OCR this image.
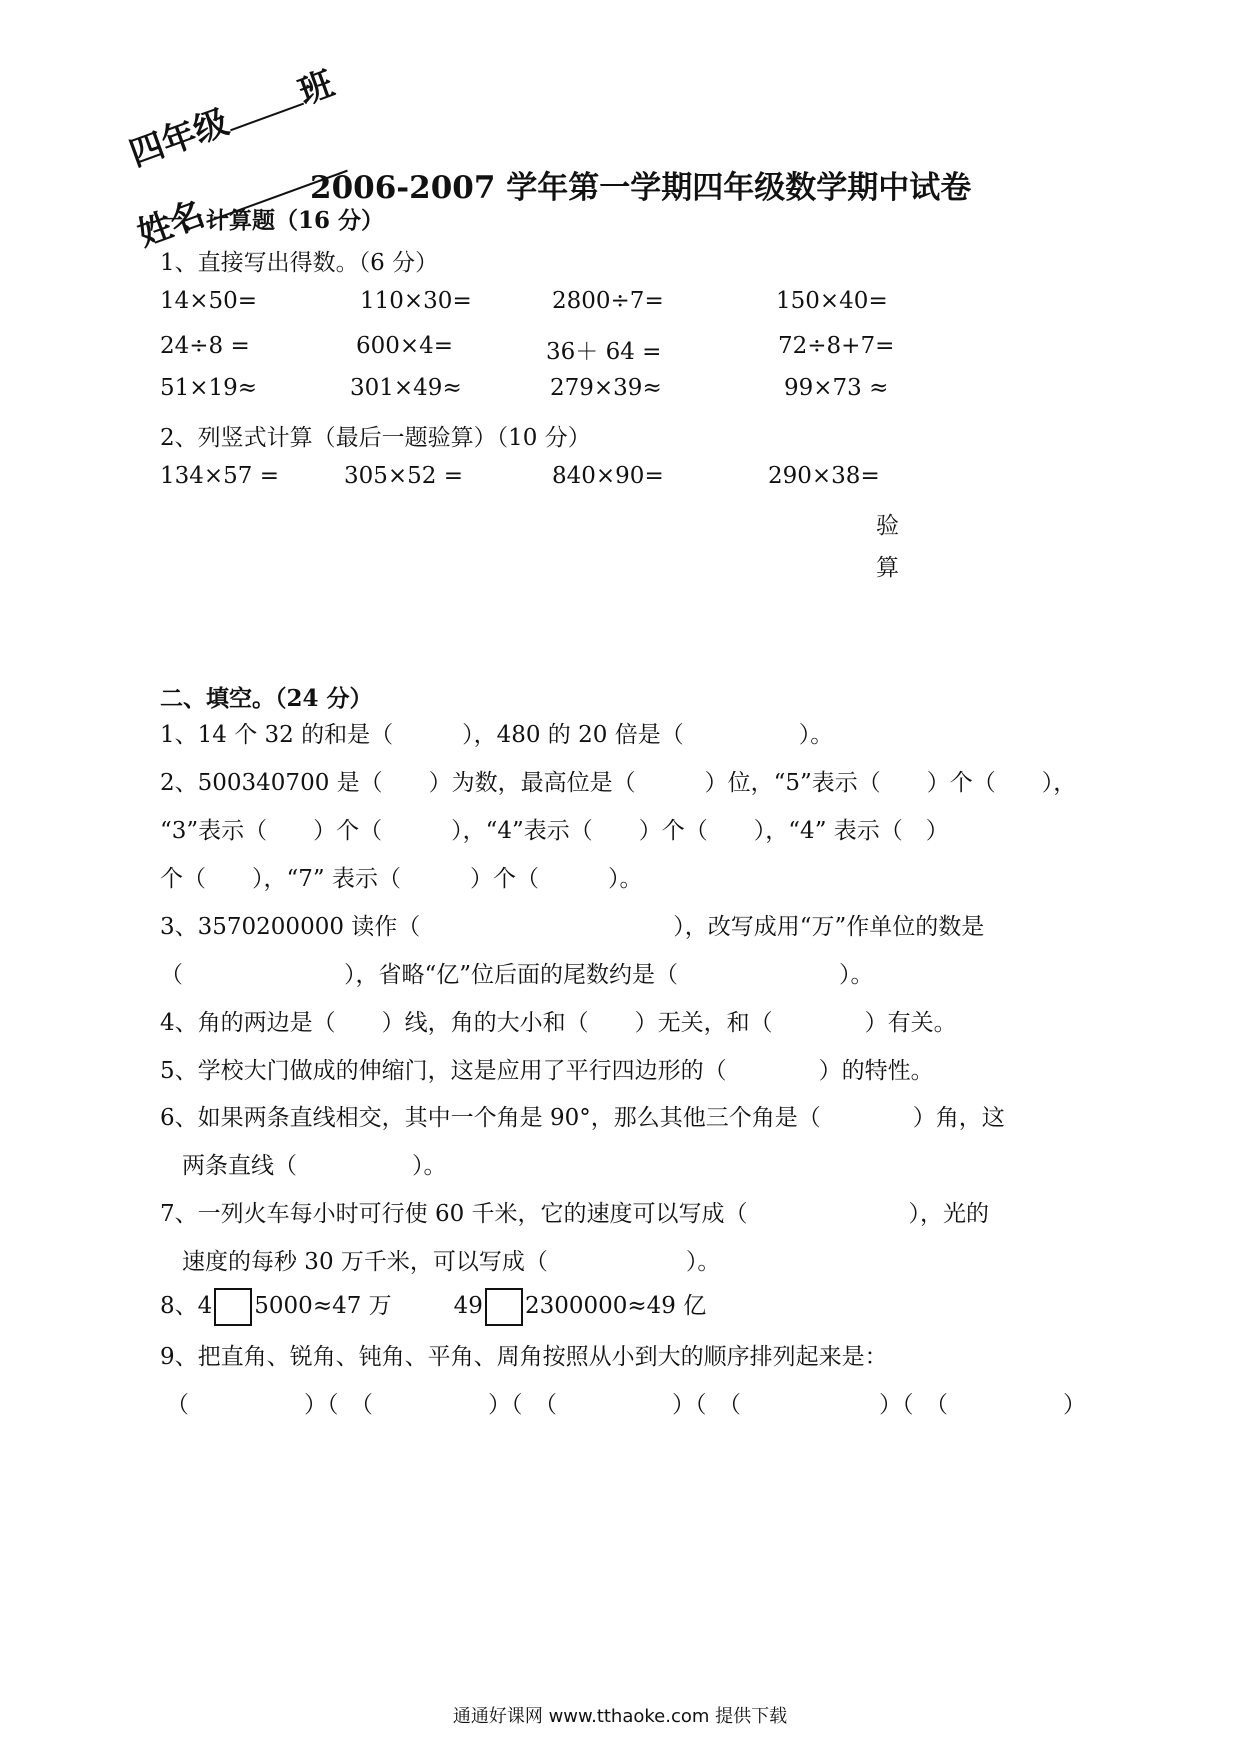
四年级班
姓名
2006-2007 学年第一学期四年级数学期中试卷
一、计算题（16 分）
1、直接写出得数。（6 分）
14×50=	110×30=	2800÷7=	150×40=
24÷8 =	600×4=	36＋ 64 =	72÷8+7=
51×19≈	301×49≈	279×39≈	99×73 ≈
2、列竖式计算（最后一题验算）（10 分）
134×57 =	305×52 =	840×90=	290×38=
验
算
二、填空。（24 分）
1、14 个 32 的和是（　　　），480 的 20 倍是（　　　　　）。
2、500340700 是（　　）为数，最高位是（　　　）位，“5”表示（　　）个（　　），
“3”表示（　　）个（　　　），“4”表示（　　）个（　　），“4” 表示（　）
个（　　），“7” 表示（　　　）个（　　　）。
3、3570200000 读作（　　　　　　　　　　　），改写成用“万”作单位的数是
（　　　　　　　），省略“亿”位后面的尾数约是（　　　　　　　）。
4、角的两边是（　　）线，角的大小和（　　）无关，和（　　　　）有关。
5、学校大门做成的伸缩门，这是应用了平行四边形的（　　　　）的特性。
6、如果两条直线相交，其中一个角是 90°，那么其他三个角是（　　　　）角，这
两条直线（　　　　　）。
7、一列火车每小时可行使 60 千米，它的速度可以写成（　　　　　　　），光的
速度的每秒 30 万千米，可以写成（　　　　　　）。
8、4 5000≈47 万	49 2300000≈49 亿
9、把直角、锐角、钝角、平角、周角按照从小到大的顺序排列起来是：
（　　　　　）（　（　　　　　）（　（　　　　　）（　（　　　　　　）（　（　　　　　）
通通好课网 www.tthaoke.com 提供下载
